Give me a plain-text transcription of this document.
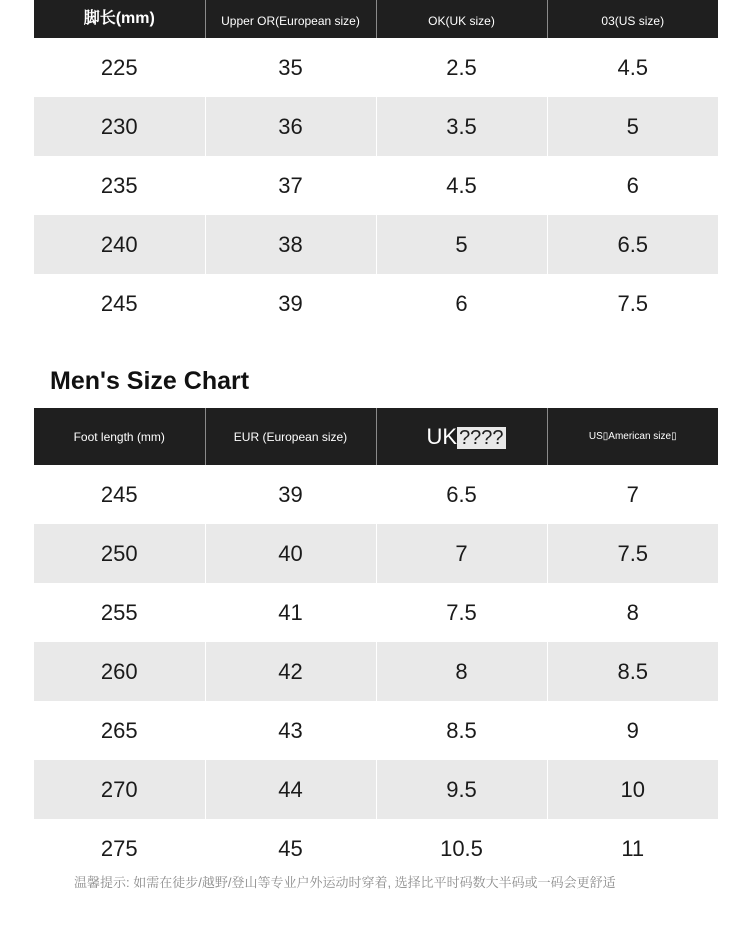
脚长(mm)	Upper OR(European size)	OK(UK size)	03(US size)
225	35	2.5	4.5
230	36	3.5	5
235	37	4.5	6
240	38	5	6.5
245	39	6	7.5
Men's Size Chart
Foot length (mm)	EUR (European size)	UK ????	US▯American size▯
245	39	6.5	7
250	40	7	7.5
255	41	7.5	8
260	42	8	8.5
265	43	8.5	9
270	44	9.5	10
275	45	10.5	11
温馨提示: 如需在徒步/越野/登山等专业户外运动时穿着, 选择比平时码数大半码或一码会更舒适
